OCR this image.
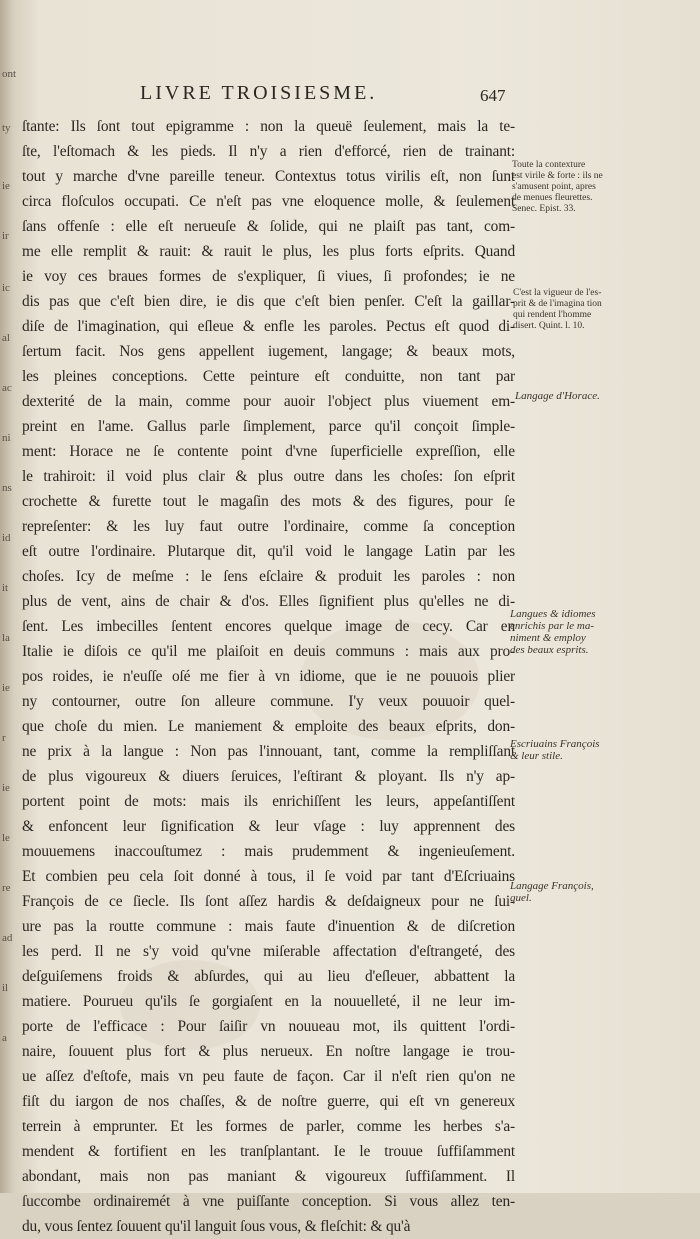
ont
ty
ie
ir
ic
al
ac
ni
ns
id
it
la
ie
r
ie
le
re
ad
il
a
LIVRE TROISIESME.	647
ſtante: Ils ſont tout epigramme : non la queuë ſeulement, mais la te-
ſte, l'eſtomach & les pieds. Il n'y a rien d'efforcé, rien de trainant:
tout y marche d'vne pareille teneur. Contextus totus virilis eſt, non ſunt
circa floſculos occupati. Ce n'eſt pas vne eloquence molle, & ſeulement
ſans offenſe : elle eſt nerueuſe & ſolide, qui ne plaiſt pas tant, com-
me elle remplit & rauit: & rauit le plus, les plus forts eſprits. Quand
ie voy ces braues formes de s'expliquer, ſi viues, ſi profondes; ie ne
dis pas que c'eſt bien dire, ie dis que c'eſt bien penſer. C'eſt la gaillar-
diſe de l'imagination, qui eſleue & enfle les paroles. Pectus eſt quod di-
ſertum facit. Nos gens appellent iugement, langage; & beaux mots,
les pleines conceptions. Cette peinture eſt conduitte, non tant par
dexterité de la main, comme pour auoir l'object plus viuement em-
preint en l'ame. Gallus parle ſimplement, parce qu'il conçoit ſimple-
ment: Horace ne ſe contente point d'vne ſuperficielle expreſſion, elle
le trahiroit: il void plus clair & plus outre dans les choſes: ſon eſprit
crochette & furette tout le magaſin des mots & des figures, pour ſe
repreſenter: & les luy faut outre l'ordinaire, comme ſa conception
eſt outre l'ordinaire. Plutarque dit, qu'il void le langage Latin par les
choſes. Icy de meſme : le ſens eſclaire & produit les paroles : non
plus de vent, ains de chair & d'os. Elles ſignifient plus qu'elles ne di-
ſent. Les imbecilles ſentent encores quelque image de cecy. Car en
Italie ie diſois ce qu'il me plaiſoit en deuis communs : mais aux pro-
pos roides, ie n'euſſe oſé me fier à vn idiome, que ie ne pouuois plier
ny contourner, outre ſon alleure commune. I'y veux pouuoir quel-
que choſe du mien. Le maniement & emploite des beaux eſprits, don-
ne prix à la langue : Non pas l'innouant, tant, comme la rempliſſant
de plus vigoureux & diuers ſeruices, l'eſtirant & ployant. Ils n'y ap-
portent point de mots: mais ils enrichiſſent les leurs, appeſantiſſent
& enfoncent leur ſignification & leur vſage : luy apprennent des
mouuemens inaccouſtumez : mais prudemment & ingenieuſement.
Et combien peu cela ſoit donné à tous, il ſe void par tant d'Eſcriuains
François de ce ſiecle. Ils ſont aſſez hardis & deſdaigneux pour ne ſui-
ure pas la routte commune : mais faute d'inuention & de diſcretion
les perd. Il ne s'y void qu'vne miſerable affectation d'eſtrangeté, des
deſguiſemens froids & abſurdes, qui au lieu d'eſleuer, abbattent la
matiere. Pourueu qu'ils ſe gorgiaſent en la nouuelleté, il ne leur im-
porte de l'efficace : Pour ſaiſir vn nouueau mot, ils quittent l'ordi-
naire, ſouuent plus fort & plus nerueux. En noſtre langage ie trou-
ue aſſez d'eſtofe, mais vn peu faute de façon. Car il n'eſt rien qu'on ne
fiſt du iargon de nos chaſſes, & de noſtre guerre, qui eſt vn genereux
terrein à emprunter. Et les formes de parler, comme les herbes s'a-
mendent & fortifient en les tranſplantant. Ie le trouue ſuffiſamment
abondant, mais non pas maniant & vigoureux ſuffiſamment. Il
ſuccombe ordinairemét à vne puiſſante conception. Si vous allez ten-
du, vous ſentez ſouuent qu'il languit ſous vous, & fleſchit: & qu'à
Toute la contexture
est virile & forte : ils ne
s'amusent point, apres
de menues fleurettes.
Senec. Epist. 33.
C'est la vigueur de l'es-
prit & de l'imagina tion
qui rendent l'homme
disert. Quint. l. 10.
Langage d'Horace.
Langues & idiomes
enrichis par le ma-
niment & employ
des beaux esprits.
Escriuains François
& leur stile.
Langage François,
quel.
